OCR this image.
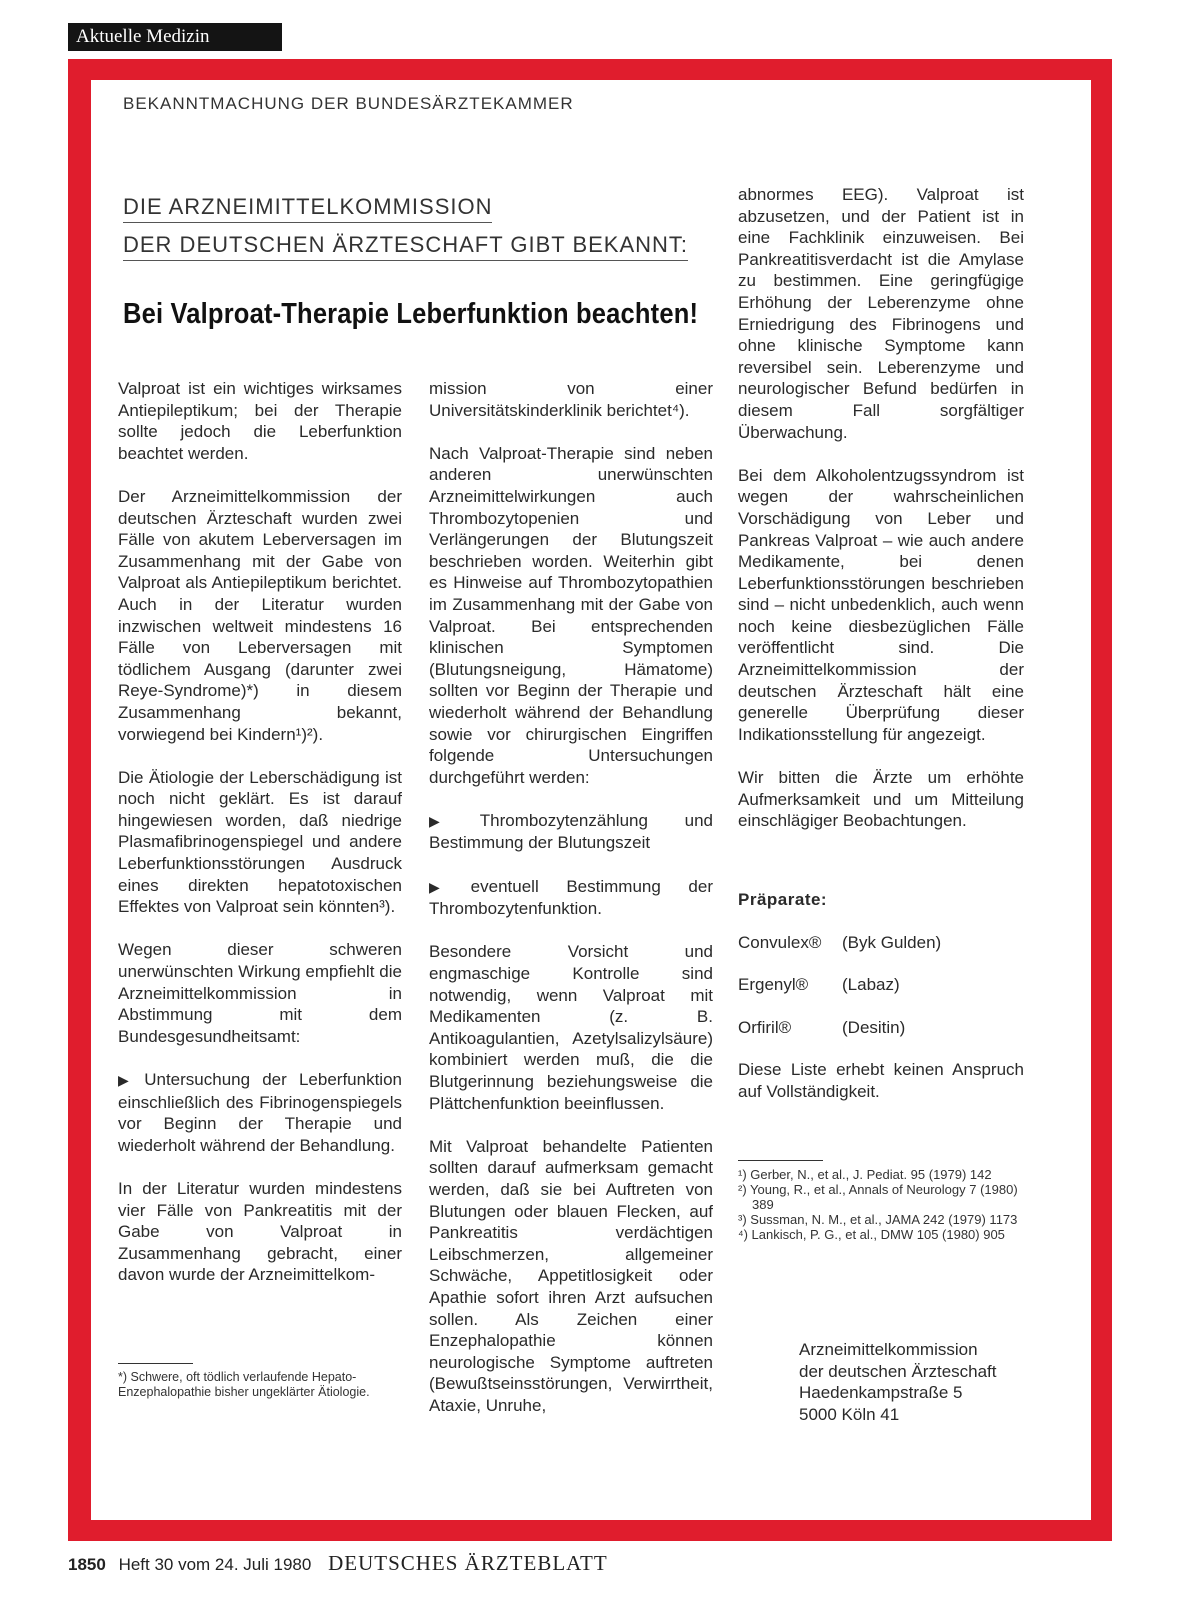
Aktuelle Medizin
BEKANNTMACHUNG DER BUNDESÄRZTEKAMMER
DIE ARZNEIMITTELKOMMISSION
DER DEUTSCHEN ÄRZTESCHAFT GIBT BEKANNT:
Bei Valproat-Therapie Leberfunktion beachten!

Valproat ist ein wichtiges wirksames Antiepileptikum; bei der Therapie sollte jedoch die Leberfunktion beachtet werden.

Der Arzneimittelkommission der deutschen Ärzteschaft wurden zwei Fälle von akutem Leberversagen im Zusammenhang mit der Gabe von Valproat als Antiepileptikum berichtet. Auch in der Literatur wurden inzwischen weltweit mindestens 16 Fälle von Leberversagen mit tödlichem Ausgang (darunter zwei Reye-Syndrome)*) in diesem Zusammenhang bekannt, vorwiegend bei Kindern¹)²).

Die Ätiologie der Leberschädigung ist noch nicht geklärt. Es ist darauf hingewiesen worden, daß niedrige Plasmafibrinogenspiegel und andere Leberfunktionsstörungen Ausdruck eines direkten hepatotoxischen Effektes von Valproat sein könnten³).

Wegen dieser schweren unerwünschten Wirkung empfiehlt die Arzneimittelkommission in Abstimmung mit dem Bundesgesundheitsamt:

▶ Untersuchung der Leberfunktion einschließlich des Fibrinogenspiegels vor Beginn der Therapie und wiederholt während der Behandlung.

In der Literatur wurden mindestens vier Fälle von Pankreatitis mit der Gabe von Valproat in Zusammenhang gebracht, einer davon wurde der Arzneimittelkom-

*) Schwere, oft tödlich verlaufende Hepato-Enzephalopathie bisher ungeklärter Ätiologie.

mission von einer Universitätskinderklinik berichtet⁴).

Nach Valproat-Therapie sind neben anderen unerwünschten Arzneimittelwirkungen auch Thrombozytopenien und Verlängerungen der Blutungszeit beschrieben worden. Weiterhin gibt es Hinweise auf Thrombozytopathien im Zusammenhang mit der Gabe von Valproat. Bei entsprechenden klinischen Symptomen (Blutungsneigung, Hämatome) sollten vor Beginn der Therapie und wiederholt während der Behandlung sowie vor chirurgischen Eingriffen folgende Untersuchungen durchgeführt werden:

▶ Thrombozytenzählung und Bestimmung der Blutungszeit

▶ eventuell Bestimmung der Thrombozytenfunktion.

Besondere Vorsicht und engmaschige Kontrolle sind notwendig, wenn Valproat mit Medikamenten (z. B. Antikoagulantien, Azetylsalizylsäure) kombiniert werden muß, die die Blutgerinnung beziehungsweise die Plättchenfunktion beeinflussen.

Mit Valproat behandelte Patienten sollten darauf aufmerksam gemacht werden, daß sie bei Auftreten von Blutungen oder blauen Flecken, auf Pankreatitis verdächtigen Leibschmerzen, allgemeiner Schwäche, Appetitlosigkeit oder Apathie sofort ihren Arzt aufsuchen sollen. Als Zeichen einer Enzephalopathie können neurologische Symptome auftreten (Bewußtseinsstörungen, Verwirrtheit, Ataxie, Unruhe,

abnormes EEG). Valproat ist abzusetzen, und der Patient ist in eine Fachklinik einzuweisen. Bei Pankreatitisverdacht ist die Amylase zu bestimmen. Eine geringfügige Erhöhung der Leberenzyme ohne Erniedrigung des Fibrinogens und ohne klinische Symptome kann reversibel sein. Leberenzyme und neurologischer Befund bedürfen in diesem Fall sorgfältiger Überwachung.

Bei dem Alkoholentzugssyndrom ist wegen der wahrscheinlichen Vorschädigung von Leber und Pankreas Valproat – wie auch andere Medikamente, bei denen Leberfunktionsstörungen beschrieben sind – nicht unbedenklich, auch wenn noch keine diesbezüglichen Fälle veröffentlicht sind. Die Arzneimittelkommission der deutschen Ärzteschaft hält eine generelle Überprüfung dieser Indikationsstellung für angezeigt.

Wir bitten die Ärzte um erhöhte Aufmerksamkeit und um Mitteilung einschlägiger Beobachtungen.

Präparate:
Convulex®	(Byk Gulden)
Ergenyl®	(Labaz)
Orfiril®	(Desitin)

Diese Liste erhebt keinen Anspruch auf Vollständigkeit.

¹) Gerber, N., et al., J. Pediat. 95 (1979) 142
²) Young, R., et al., Annals of Neurology 7 (1980) 389
³) Sussman, N. M., et al., JAMA 242 (1979) 1173
⁴) Lankisch, P. G., et al., DMW 105 (1980) 905
Arzneimittelkommission
der deutschen Ärzteschaft
Haedenkampstraße 5
5000 Köln 41
1850 Heft 30 vom 24. Juli 1980 DEUTSCHES ÄRZTEBLATT
